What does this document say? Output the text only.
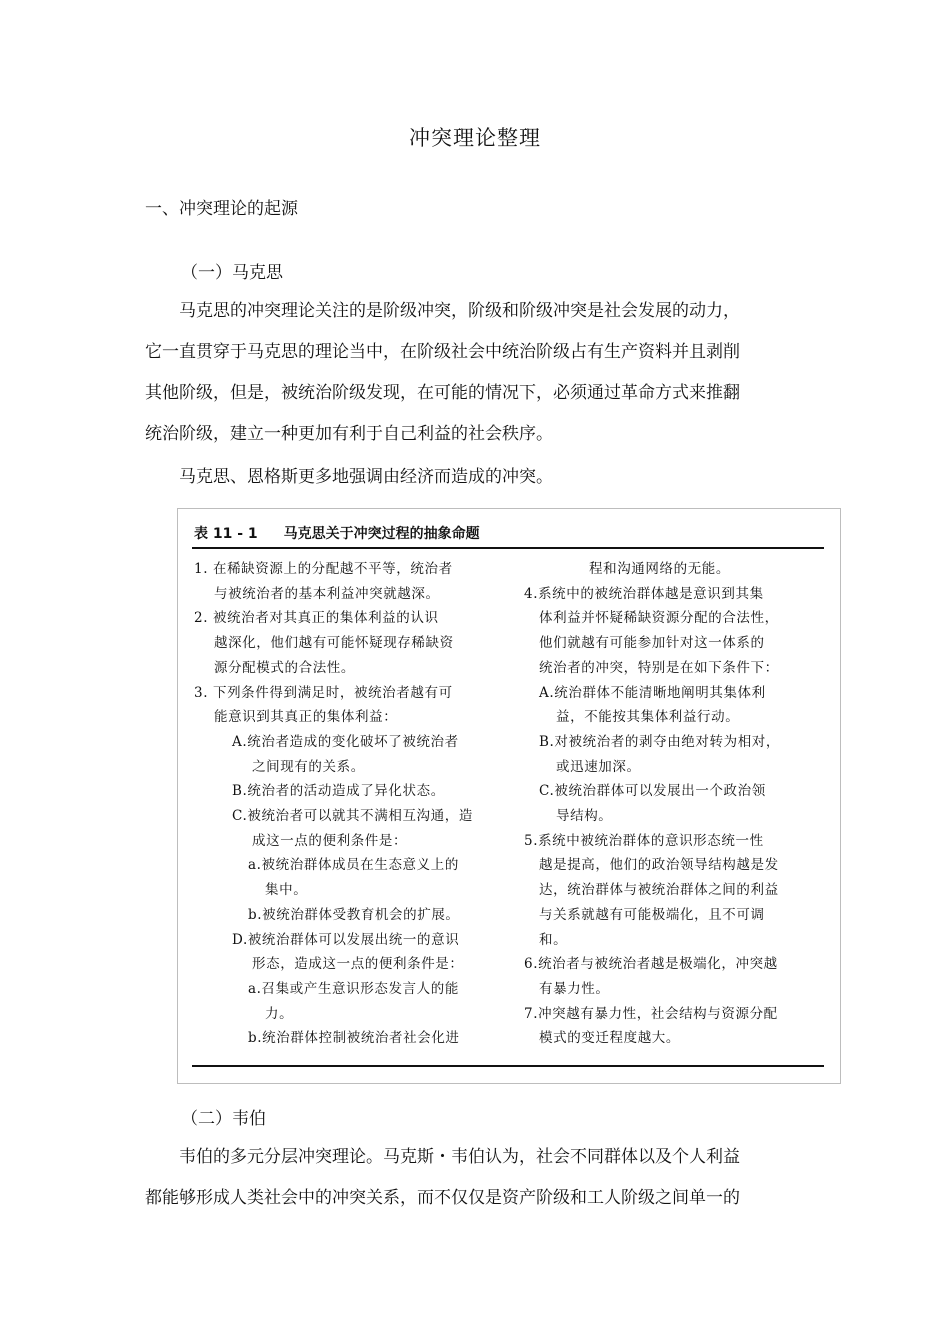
冲突理论整理
一、冲突理论的起源
（一）马克思
马克思的冲突理论关注的是阶级冲突，阶级和阶级冲突是社会发展的动力，
它一直贯穿于马克思的理论当中，在阶级社会中统治阶级占有生产资料并且剥削
其他阶级，但是，被统治阶级发现，在可能的情况下，必须通过革命方式来推翻
统治阶级，建立一种更加有利于自己利益的社会秩序。
马克思、恩格斯更多地强调由经济而造成的冲突。
表 11 - 1 马克思关于冲突过程的抽象命题

1. 在稀缺资源上的分配越不平等，统治者
与被统治者的基本利益冲突就越深。

2. 被统治者对其真正的集体利益的认识
越深化，他们越有可能怀疑现存稀缺资
源分配模式的合法性。

3. 下列条件得到满足时，被统治者越有可
能意识到其真正的集体利益：

A.统治者造成的变化破坏了被统治者
之间现有的关系。

B.统治者的活动造成了异化状态。

C.被统治者可以就其不满相互沟通，造
成这一点的便利条件是：

a.被统治群体成员在生态意义上的
集中。

b.被统治群体受教育机会的扩展。

D.被统治群体可以发展出统一的意识
形态，造成这一点的便利条件是：

a.召集或产生意识形态发言人的能
力。

b.统治群体控制被统治者社会化进

程和沟通网络的无能。

4.系统中的被统治群体越是意识到其集
体利益并怀疑稀缺资源分配的合法性，
他们就越有可能参加针对这一体系的
统治者的冲突，特别是在如下条件下：

A.统治群体不能清晰地阐明其集体利
益，不能按其集体利益行动。

B.对被统治者的剥夺由绝对转为相对，
或迅速加深。

C.被统治群体可以发展出一个政治领
导结构。

5.系统中被统治群体的意识形态统一性
越是提高，他们的政治领导结构越是发
达，统治群体与被统治群体之间的利益
与关系就越有可能极端化，且不可调
和。

6.统治者与被统治者越是极端化，冲突越
有暴力性。

7.冲突越有暴力性，社会结构与资源分配
模式的变迁程度越大。

（二）韦伯
韦伯的多元分层冲突理论。马克斯・韦伯认为，社会不同群体以及个人利益
都能够形成人类社会中的冲突关系，而不仅仅是资产阶级和工人阶级之间单一的
